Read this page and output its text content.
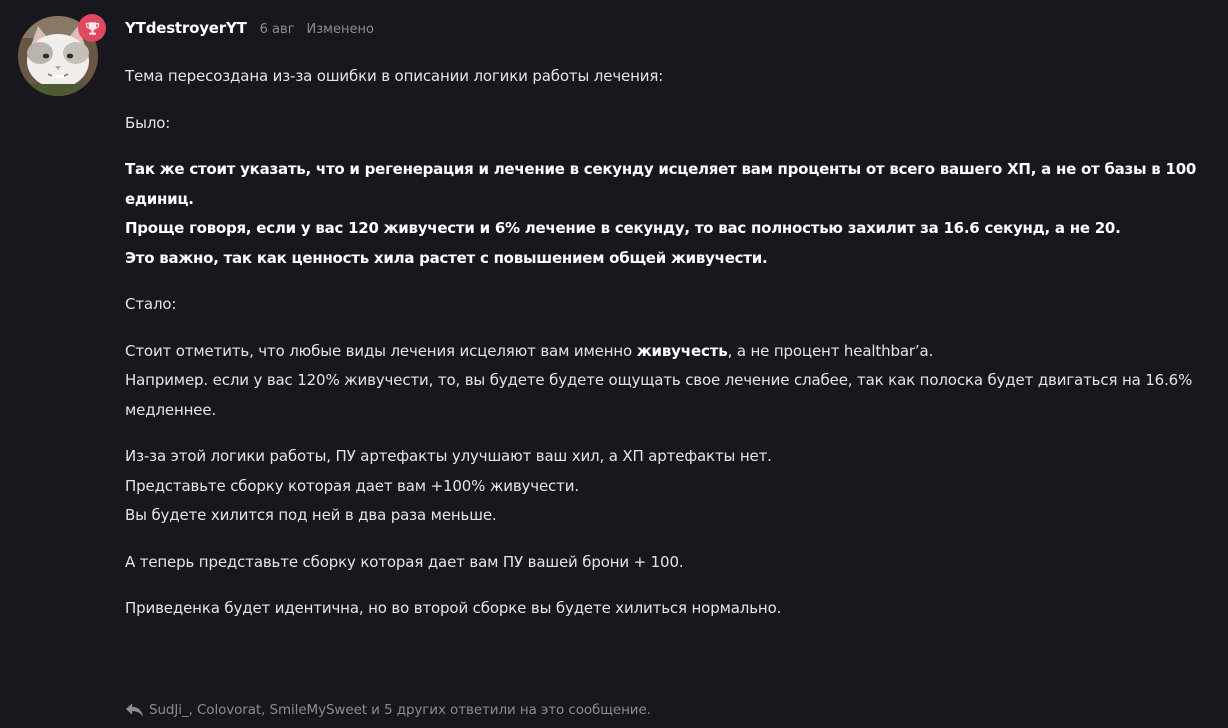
YTdestroyerYT 6 авг Изменено

Тема пересоздана из-за ошибки в описании логики работы лечения:

Было:

Так же стоит указать, что и регенерация и лечение в секунду исцеляет вам проценты от всего вашего ХП, а не от базы в 100 единиц.
Проще говоря, если у вас 120 живучести и 6% лечение в секунду, то вас полностью захилит за 16.6 секунд, а не 20.
Это важно, так как ценность хила растет с повышением общей живучести.

Стало:

Стоит отметить, что любые виды лечения исцеляют вам именно живучесть, а не процент healthbar’a.
Например. если у вас 120% живучести, то, вы будете будете ощущать свое лечение слабее, так как полоска будет двигаться на 16.6% медленнее.

Из-за этой логики работы, ПУ артефакты улучшают ваш хил, а ХП артефакты нет.
Представьте сборку которая дает вам +100% живучести.
Вы будете хилится под ней в два раза меньше.

А теперь представьте сборку которая дает вам ПУ вашей брони + 100.

Приведенка будет идентична, но во второй сборке вы будете хилиться нормально.

SudJi_, Colovorat, SmileMySweet и 5 других ответили на это сообщение.
